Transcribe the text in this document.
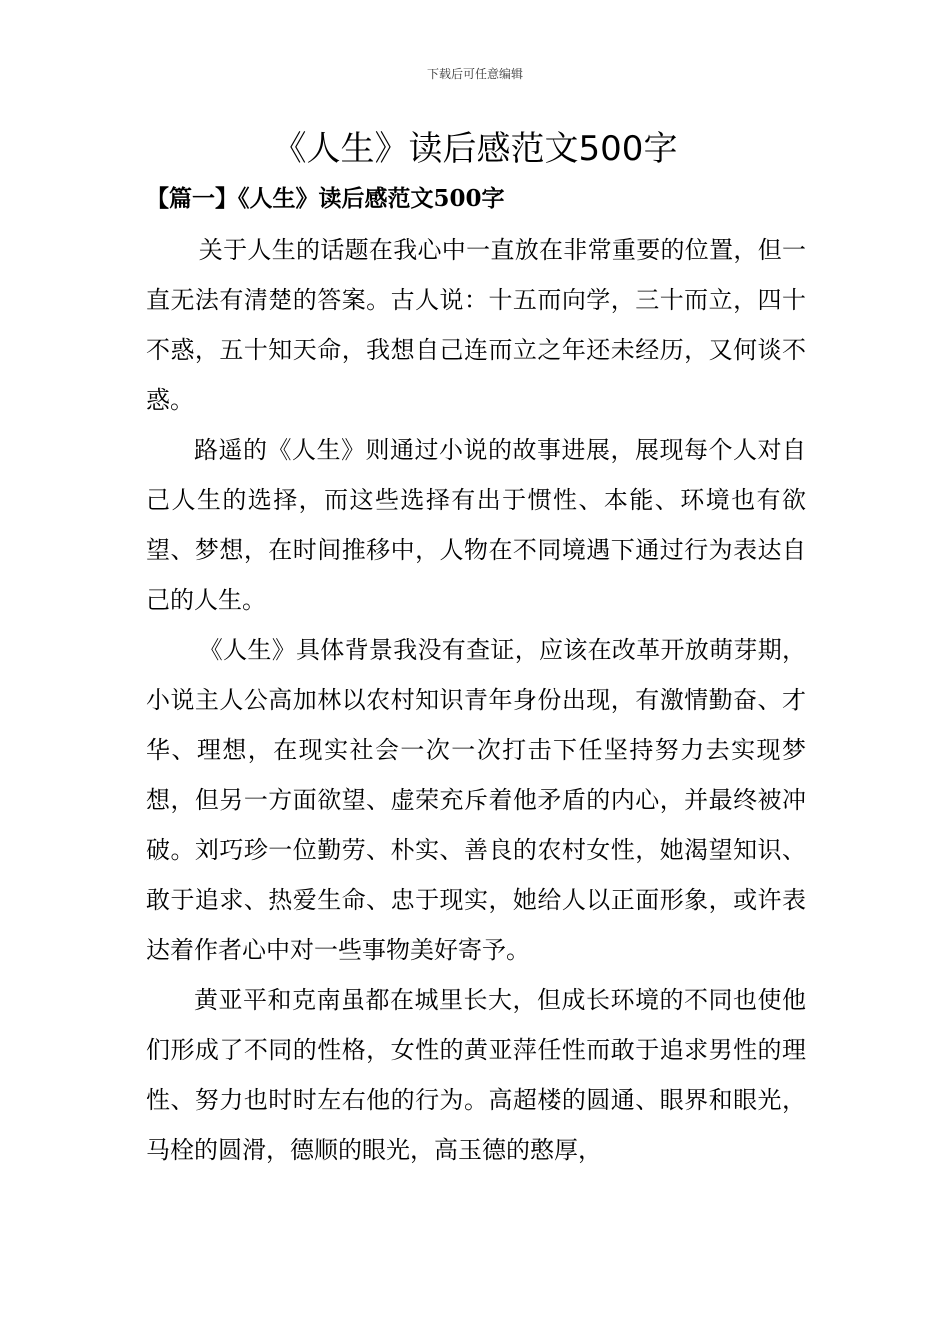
下载后可任意编辑
《人生》读后感范文500字
【篇一】《人生》读后感范文500字

关于人生的话题在我心中一直放在非常重要的位置，但一直无法有清楚的答案。古人说：十五而向学，三十而立，四十不惑，五十知天命，我想自己连而立之年还未经历，又何谈不惑。

路遥的《人生》则通过小说的故事进展，展现每个人对自己人生的选择，而这些选择有出于惯性、本能、环境也有欲望、梦想，在时间推移中，人物在不同境遇下通过行为表达自己的人生。

《人生》具体背景我没有查证，应该在改革开放萌芽期，小说主人公高加林以农村知识青年身份出现，有激情勤奋、才华、理想，在现实社会一次一次打击下任坚持努力去实现梦想，但另一方面欲望、虚荣充斥着他矛盾的内心，并最终被冲破。刘巧珍一位勤劳、朴实、善良的农村女性，她渴望知识、敢于追求、热爱生命、忠于现实，她给人以正面形象，或许表达着作者心中对一些事物美好寄予。

黄亚平和克南虽都在城里长大，但成长环境的不同也使他们形成了不同的性格，女性的黄亚萍任性而敢于追求男性的理性、努力也时时左右他的行为。高超楼的圆通、眼界和眼光，马栓的圆滑，德顺的眼光，高玉德的憨厚，
